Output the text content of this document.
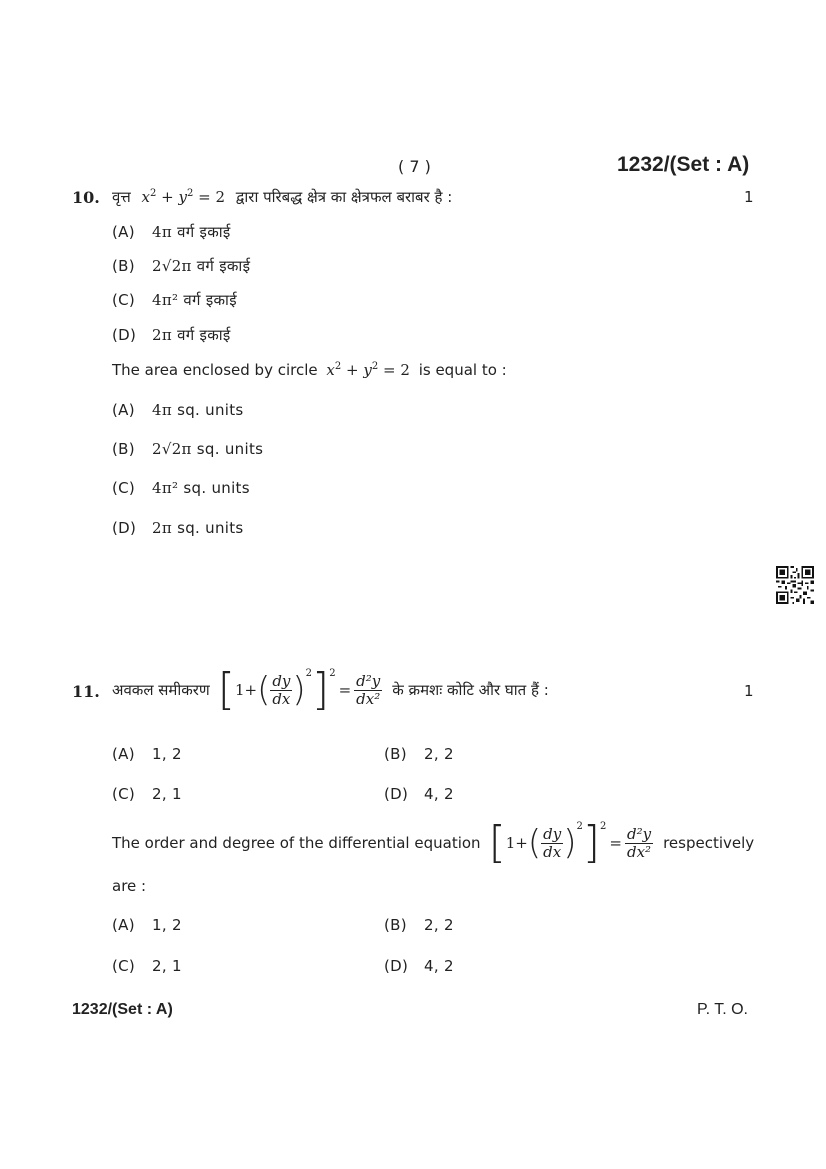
( 7 )	1232/(Set : A)
10. वृत्त $x^2 + y^2 = 2$ द्वारा परिबद्ध क्षेत्र का क्षेत्रफल बराबर है :	1
(A) 4π वर्ग इकाई
(B) 2√2π वर्ग इकाई
(C) 4π² वर्ग इकाई
(D) 2π वर्ग इकाई
The area enclosed by circle $x^2 + y^2 = 2$ is equal to :
(A) 4π sq. units
(B) 2√2π sq. units
(C) 4π² sq. units
(D) 2π sq. units
11. अवकल समीकरण [ 1+ ( $\frac{dy}{dx} )^2$ ]$^2$
= $\frac{\text{d²y}}{\text{dx²}}$ के क्रमशः कोटि और घात हैं :	1
(A) 1, 2	(B) 2, 2
(C) 2, 1	(D) 4, 2
The order and degree of the differential equation [ 1+ ( $\frac{dy}{dx} )^2$ ]$^2$
= $\frac{\text{d²y}}{\text{dx²}}$ respectively
are :
(A) 1, 2	(B) 2, 2
(C) 2, 1	(D) 4, 2
1232/(Set : A)	P. T. O.
